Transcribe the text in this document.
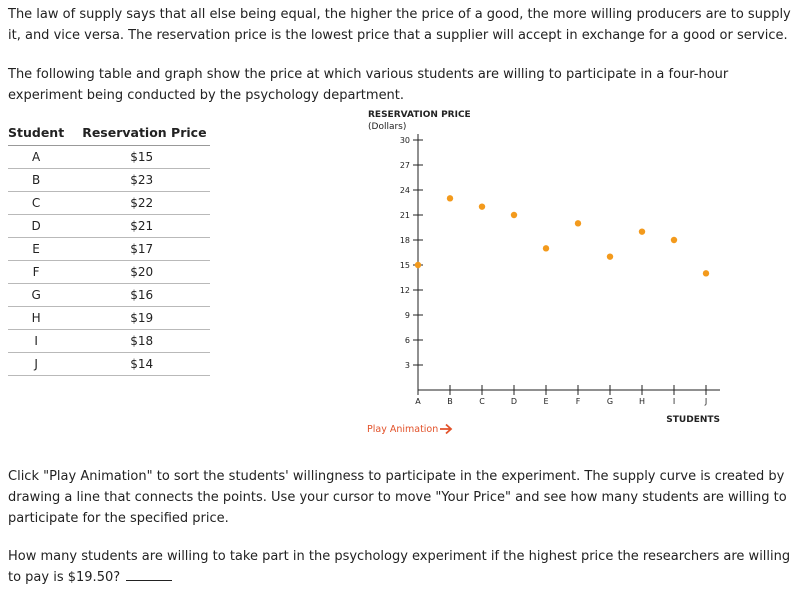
The law of supply says that all else being equal, the higher the price of a good, the more willing producers are to supply it, and vice versa. The reservation price is the lowest price that a supplier will accept in exchange for a good or service.

The following table and graph show the price at which various students are willing to participate in a four-hour experiment being conducted by the psychology department.

Student	Reservation Price
A	$15
B	$23
C	$22
D	$21
E	$17
F	$20
G	$16
H	$19
I	$18
J	$14
RESERVATION PRICE
(Dollars)
3
6
9
12
15
18
21
24
27
30
A	B	C	D	E	F	G	H	I	J
STUDENTS
Play Animation

Click "Play Animation" to sort the students' willingness to participate in the experiment. The supply curve is created by drawing a line that connects the points. Use your cursor to move "Your Price" and see how many students are willing to participate for the specified price.

How many students are willing to take part in the psychology experiment if the highest price the researchers are willing to pay is $19.50?
